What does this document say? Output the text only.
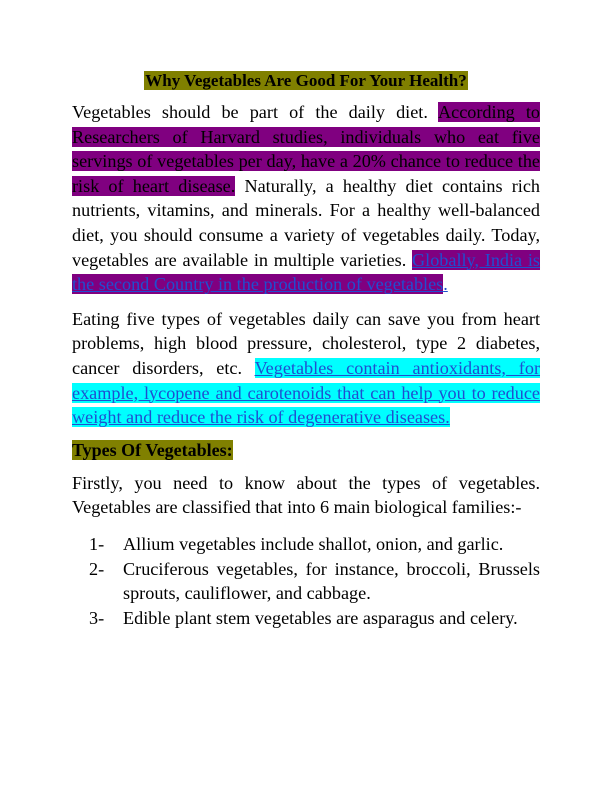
Why Vegetables Are Good For Your Health?

Vegetables should be part of the daily diet. According to Researchers of Harvard studies, individuals who eat five servings of vegetables per day, have a 20% chance to reduce the risk of heart disease. Naturally, a healthy diet contains rich nutrients, vitamins, and minerals. For a healthy well-balanced diet, you should consume a variety of vegetables daily. Today, vegetables are available in multiple varieties. Globally, India is the second Country in the production of vegetables.

Eating five types of vegetables daily can save you from heart problems, high blood pressure, cholesterol, type 2 diabetes, cancer disorders, etc. Vegetables contain antioxidants, for example, lycopene and carotenoids that can help you to reduce weight and reduce the risk of degenerative diseases.

Types Of Vegetables:

Firstly, you need to know about the types of vegetables. Vegetables are classified that into 6 main biological families:-

1- Allium vegetables include shallot, onion, and garlic.
2- Cruciferous vegetables, for instance, broccoli, Brussels sprouts, cauliflower, and cabbage.
3- Edible plant stem vegetables are asparagus and celery.
